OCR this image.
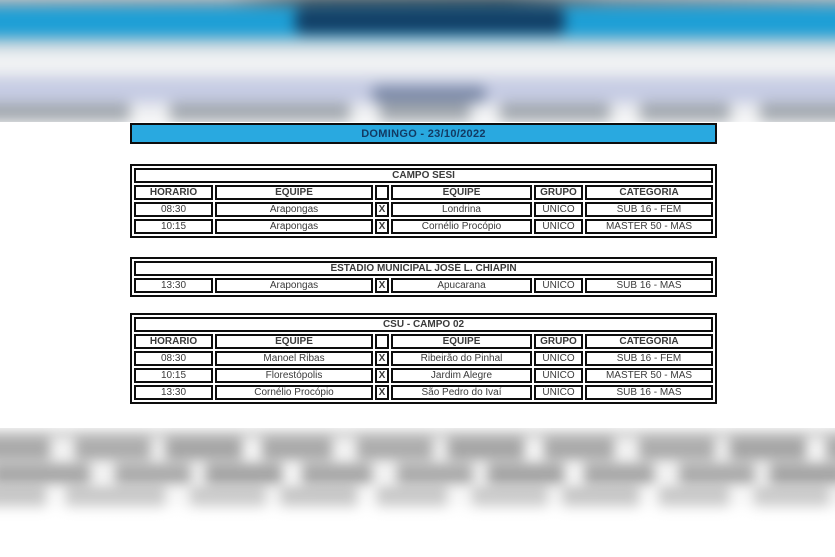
DOMINGO - 23/10/2022
CAMPO SESI					
HORARIO	EQUIPE		EQUIPE	GRUPO	CATEGORIA
08:30	Arapongas	X	Londrina	ÚNICO	SUB 16 - FEM
10:15	Arapongas	X	Cornélio Procópio	ÚNICO	MASTER 50 - MAS
ESTADIO MUNICIPAL JOSÉ L. CHIAPIN
13:30	Arapongas	X	Apucarana	ÚNICO	SUB 16 - MAS
CSU - CAMPO 02					
HORARIO	EQUIPE		EQUIPE	GRUPO	CATEGORIA
08:30	Manoel Ribas	X	Ribeirão do Pinhal	ÚNICO	SUB 16 - FEM
10:15	Florestópolis	X	Jardim Alegre	ÚNICO	MASTER 50 - MAS
13:30	Cornélio Procópio	X	São Pedro do Ivaí	ÚNICO	SUB 16 - MAS
